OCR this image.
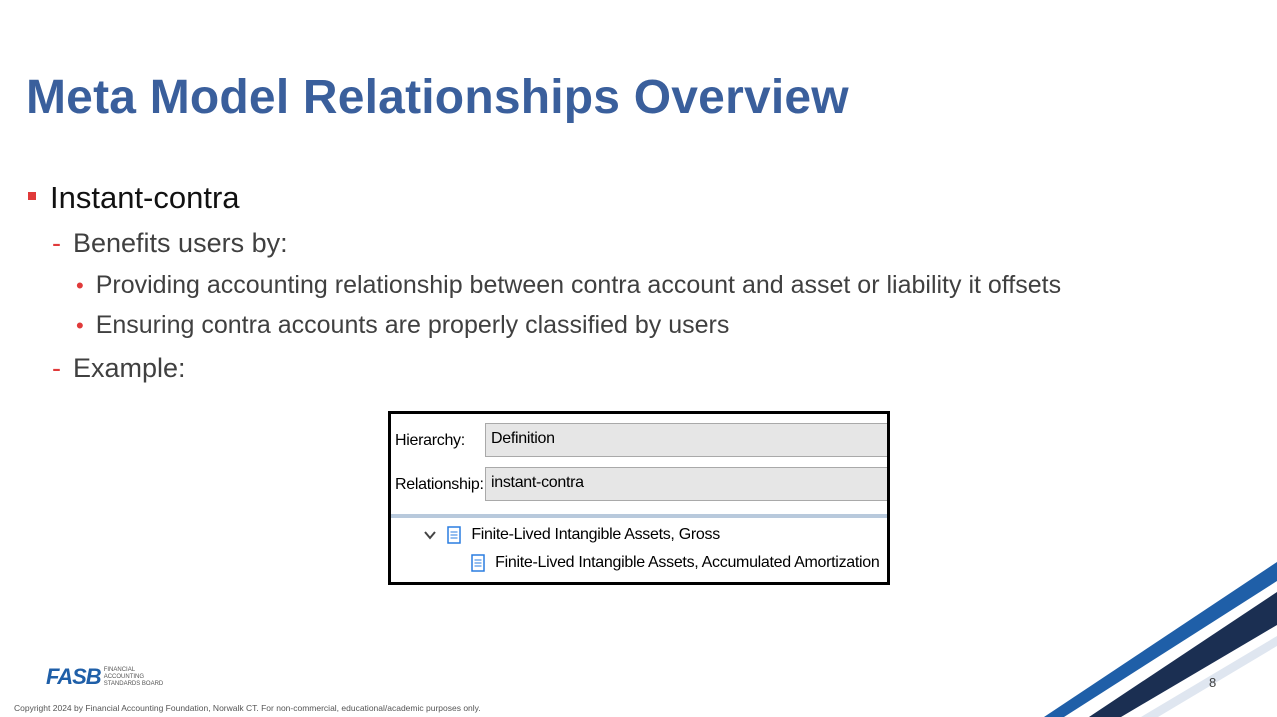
Meta Model Relationships Overview
Instant-contra
- Benefits users by:
• Providing accounting relationship between contra account and asset or liability it offsets
• Ensuring contra accounts are properly classified by users
- Example:
Hierarchy:	Definition
Relationship: instant-contra
Finite-Lived Intangible Assets, Gross
Finite-Lived Intangible Assets, Accumulated Amortization
FASB FINANCIAL
ACCOUNTING
STANDARDS BOARD	8
Copyright 2024 by Financial Accounting Foundation, Norwalk CT. For non-commercial, educational/academic purposes only.
